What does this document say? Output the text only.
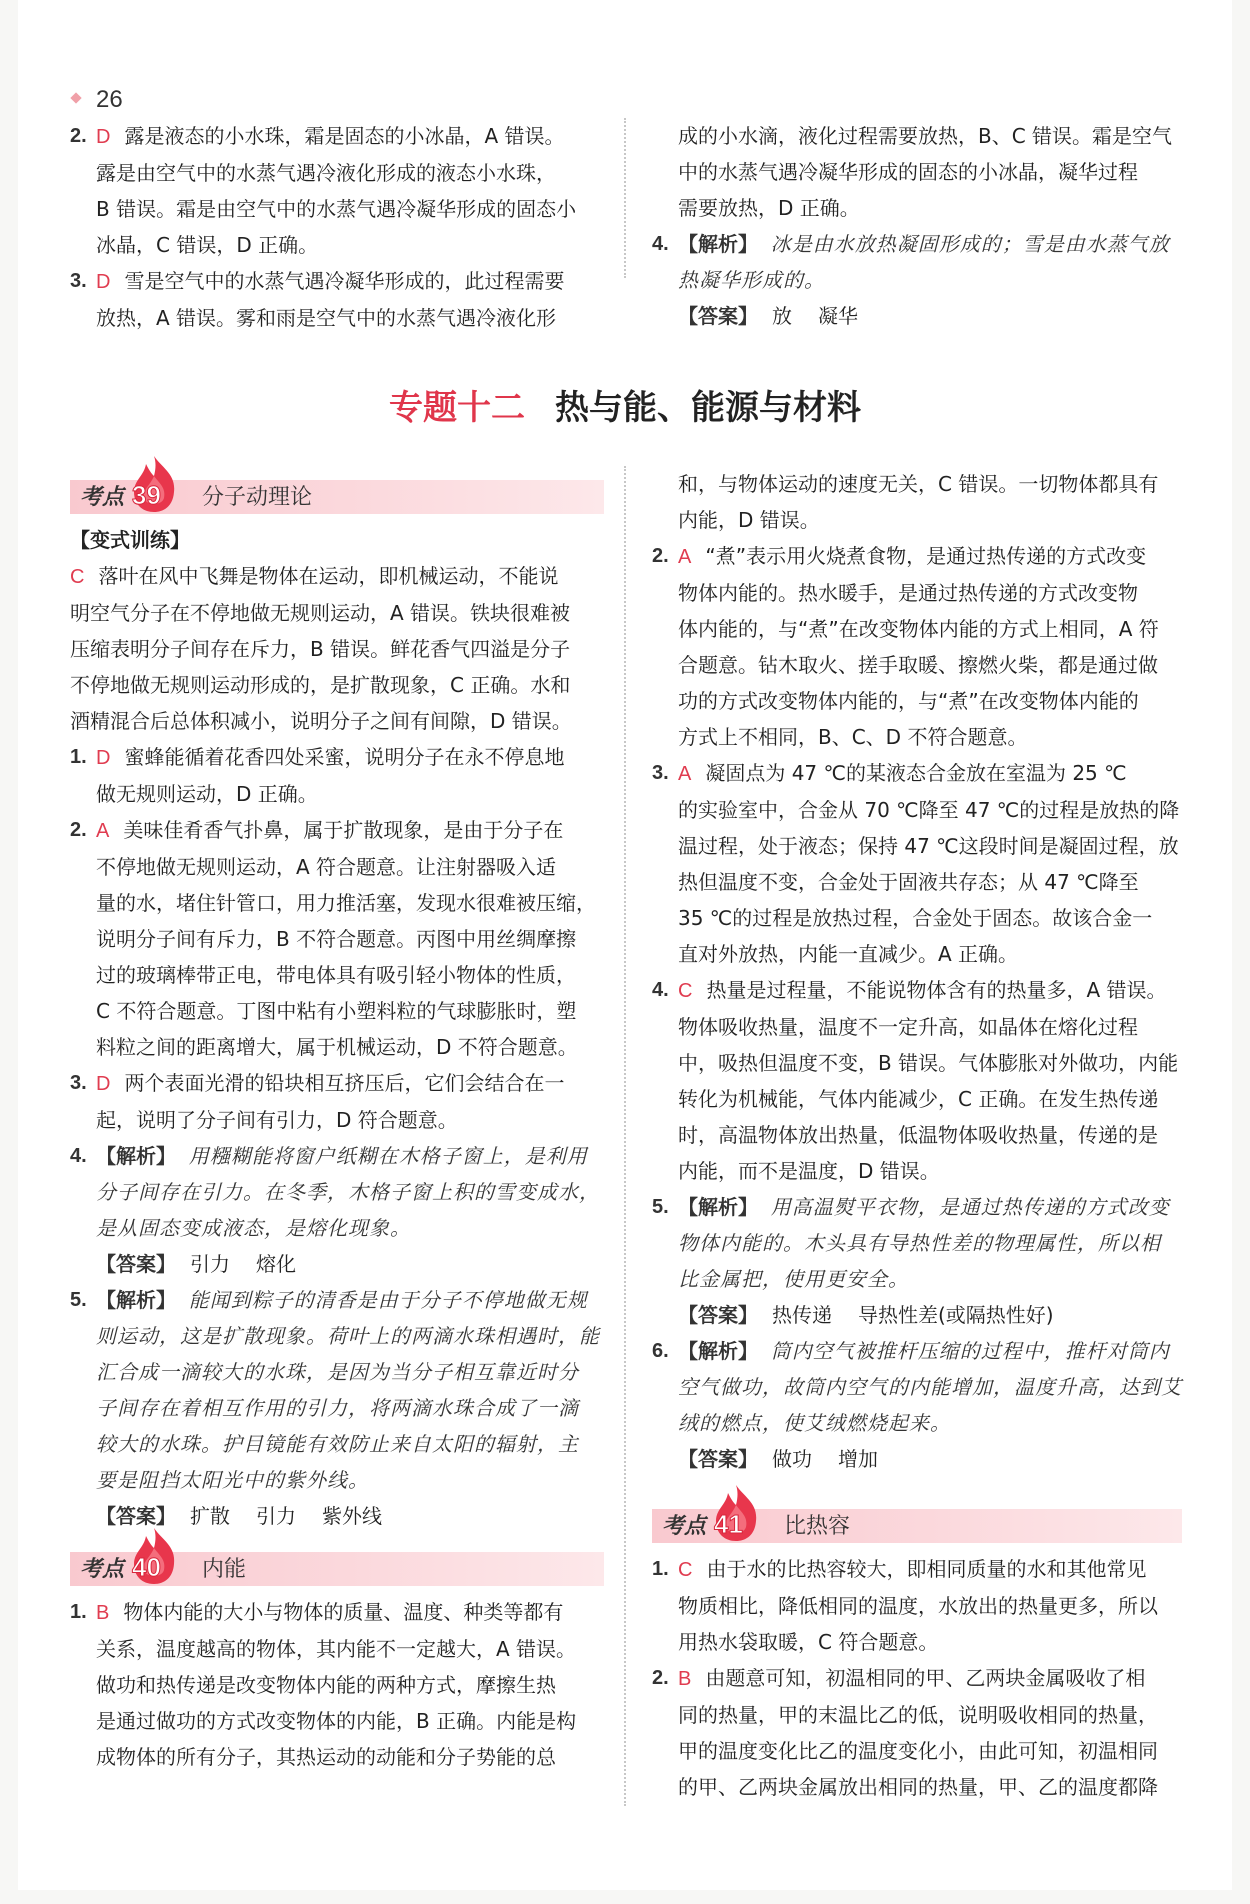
26
2. D 露是液态的小水珠，霜是固态的小冰晶，A 错误。
露是由空气中的水蒸气遇冷液化形成的液态小水珠，
B 错误。霜是由空气中的水蒸气遇冷凝华形成的固态小
冰晶，C 错误，D 正确。
3. D 雪是空气中的水蒸气遇冷凝华形成的，此过程需要
放热，A 错误。雾和雨是空气中的水蒸气遇冷液化形
成的小水滴，液化过程需要放热，B、C 错误。霜是空气
中的水蒸气遇冷凝华形成的固态的小冰晶，凝华过程
需要放热，D 正确。
4. 【解析】 冰是由水放热凝固形成的；雪是由水蒸气放
热凝华形成的。
【答案】 放 凝华
专题十二 热与能、能源与材料
考点 39 分子动理论
【变式训练】
C 落叶在风中飞舞是物体在运动，即机械运动，不能说
明空气分子在不停地做无规则运动，A 错误。铁块很难被
压缩表明分子间存在斥力，B 错误。鲜花香气四溢是分子
不停地做无规则运动形成的，是扩散现象，C 正确。水和
酒精混合后总体积减小，说明分子之间有间隙，D 错误。
1. D 蜜蜂能循着花香四处采蜜，说明分子在永不停息地
做无规则运动，D 正确。
2. A 美味佳肴香气扑鼻，属于扩散现象，是由于分子在
不停地做无规则运动，A 符合题意。让注射器吸入适
量的水，堵住针管口，用力推活塞，发现水很难被压缩，
说明分子间有斥力，B 不符合题意。丙图中用丝绸摩擦
过的玻璃棒带正电，带电体具有吸引轻小物体的性质，
C 不符合题意。丁图中粘有小塑料粒的气球膨胀时，塑
料粒之间的距离增大，属于机械运动，D 不符合题意。
3. D 两个表面光滑的铅块相互挤压后，它们会结合在一
起，说明了分子间有引力，D 符合题意。
4. 【解析】 用糨糊能将窗户纸糊在木格子窗上，是利用
分子间存在引力。在冬季，木格子窗上积的雪变成水，
是从固态变成液态，是熔化现象。
【答案】 引力 熔化
5. 【解析】 能闻到粽子的清香是由于分子不停地做无规
则运动，这是扩散现象。荷叶上的两滴水珠相遇时，能
汇合成一滴较大的水珠，是因为当分子相互靠近时分
子间存在着相互作用的引力，将两滴水珠合成了一滴
较大的水珠。护目镜能有效防止来自太阳的辐射，主
要是阻挡太阳光中的紫外线。
【答案】 扩散 引力 紫外线
考点 40 内能
1. B 物体内能的大小与物体的质量、温度、种类等都有
关系，温度越高的物体，其内能不一定越大，A 错误。
做功和热传递是改变物体内能的两种方式，摩擦生热
是通过做功的方式改变物体的内能，B 正确。内能是构
成物体的所有分子，其热运动的动能和分子势能的总
和，与物体运动的速度无关，C 错误。一切物体都具有
内能，D 错误。
2. A “煮”表示用火烧煮食物，是通过热传递的方式改变
物体内能的。热水暖手，是通过热传递的方式改变物
体内能的，与“煮”在改变物体内能的方式上相同，A 符
合题意。钻木取火、搓手取暖、擦燃火柴，都是通过做
功的方式改变物体内能的，与“煮”在改变物体内能的
方式上不相同，B、C、D 不符合题意。
3. A 凝固点为 47 ℃的某液态合金放在室温为 25 ℃
的实验室中，合金从 70 ℃降至 47 ℃的过程是放热的降
温过程，处于液态；保持 47 ℃这段时间是凝固过程，放
热但温度不变，合金处于固液共存态；从 47 ℃降至
35 ℃的过程是放热过程，合金处于固态。故该合金一
直对外放热，内能一直减少。A 正确。
4. C 热量是过程量，不能说物体含有的热量多，A 错误。
物体吸收热量，温度不一定升高，如晶体在熔化过程
中，吸热但温度不变，B 错误。气体膨胀对外做功，内能
转化为机械能，气体内能减少，C 正确。在发生热传递
时，高温物体放出热量，低温物体吸收热量，传递的是
内能，而不是温度，D 错误。
5. 【解析】 用高温熨平衣物，是通过热传递的方式改变
物体内能的。木头具有导热性差的物理属性，所以相
比金属把，使用更安全。
【答案】 热传递 导热性差(或隔热性好)
6. 【解析】 筒内空气被推杆压缩的过程中，推杆对筒内
空气做功，故筒内空气的内能增加，温度升高，达到艾
绒的燃点，使艾绒燃烧起来。
【答案】 做功 增加
考点 41 比热容
1. C 由于水的比热容较大，即相同质量的水和其他常见
物质相比，降低相同的温度，水放出的热量更多，所以
用热水袋取暖，C 符合题意。
2. B 由题意可知，初温相同的甲、乙两块金属吸收了相
同的热量，甲的末温比乙的低，说明吸收相同的热量，
甲的温度变化比乙的温度变化小，由此可知，初温相同
的甲、乙两块金属放出相同的热量，甲、乙的温度都降
